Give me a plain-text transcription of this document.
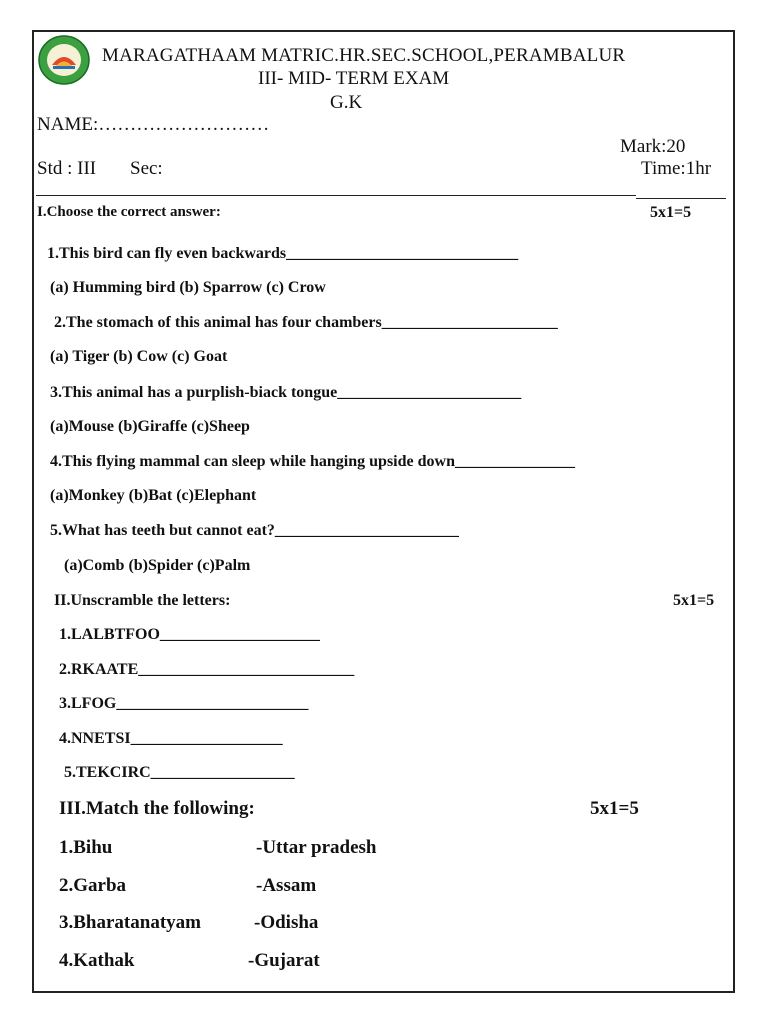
MARAGATHAAM MATRIC.HR.SEC.SCHOOL,PERAMBALUR
III- MID- TERM EXAM
G.K
NAME:………………………
Mark:20
Std : III Sec:	Time:1hr
I.Choose the correct answer:	5x1=5
1.This bird can fly even backwards_____________________________
(a) Humming bird (b) Sparrow (c) Crow
2.The stomach of this animal has four chambers______________________
(a) Tiger (b) Cow (c) Goat
3.This animal has a purplish-biack tongue_______________________
(a)Mouse (b)Giraffe (c)Sheep
4.This flying mammal can sleep while hanging upside down_______________
(a)Monkey (b)Bat (c)Elephant
5.What has teeth but cannot eat?_______________________
(a)Comb (b)Spider (c)Palm
II.Unscramble the letters:	5x1=5
1.LALBTFOO____________________
2.RKAATE___________________________
3.LFOG________________________
4.NNETSI___________________
5.TEKCIRC__________________
III.Match the following:	5x1=5
1.Bihu	-Uttar pradesh
2.Garba	-Assam
3.Bharatanatyam	-Odisha
4.Kathak	-Gujarat
